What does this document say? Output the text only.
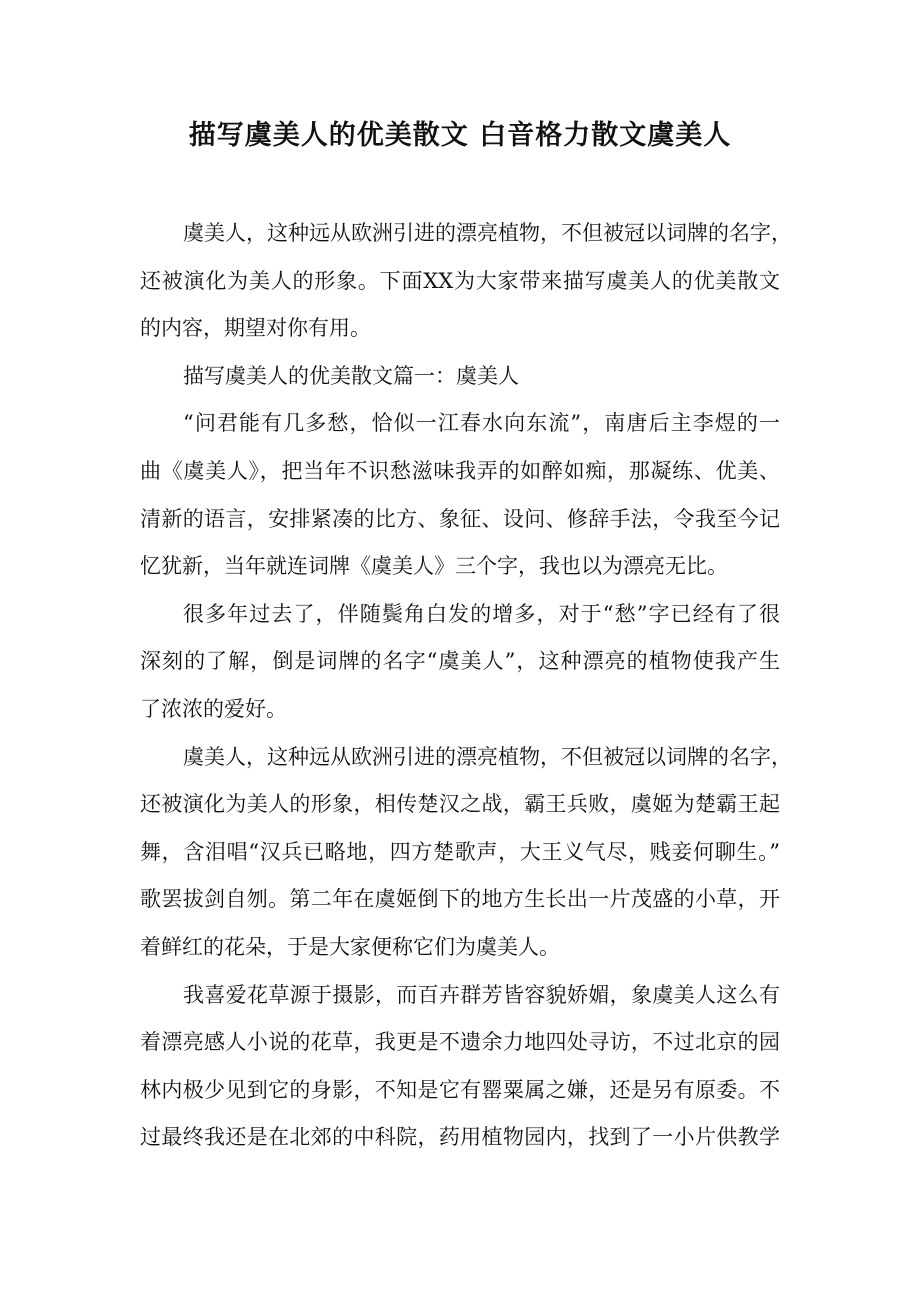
描写虞美人的优美散文 白音格力散文虞美人
虞美人，这种远从欧洲引进的漂亮植物，不但被冠以词牌的名字，
还被演化为美人的形象。下面XX为大家带来描写虞美人的优美散文
的内容，期望对你有用。
描写虞美人的优美散文篇一：虞美人
“问君能有几多愁，恰似一江春水向东流”，南唐后主李煜的一
曲《虞美人》，把当年不识愁滋味我弄的如醉如痴，那凝练、优美、
清新的语言，安排紧凑的比方、象征、设问、修辞手法，令我至今记
忆犹新，当年就连词牌《虞美人》三个字，我也以为漂亮无比。
很多年过去了，伴随鬓角白发的增多，对于“愁”字已经有了很
深刻的了解，倒是词牌的名字“虞美人”，这种漂亮的植物使我产生
了浓浓的爱好。
虞美人，这种远从欧洲引进的漂亮植物，不但被冠以词牌的名字，
还被演化为美人的形象，相传楚汉之战，霸王兵败，虞姬为楚霸王起
舞，含泪唱“汉兵已略地，四方楚歌声，大王义气尽，贱妾何聊生。”
歌罢拔剑自刎。第二年在虞姬倒下的地方生长出一片茂盛的小草，开
着鲜红的花朵，于是大家便称它们为虞美人。
我喜爱花草源于摄影，而百卉群芳皆容貌娇媚，象虞美人这么有
着漂亮感人小说的花草，我更是不遗余力地四处寻访，不过北京的园
林内极少见到它的身影，不知是它有罂粟属之嫌，还是另有原委。不
过最终我还是在北郊的中科院，药用植物园内，找到了一小片供教学
